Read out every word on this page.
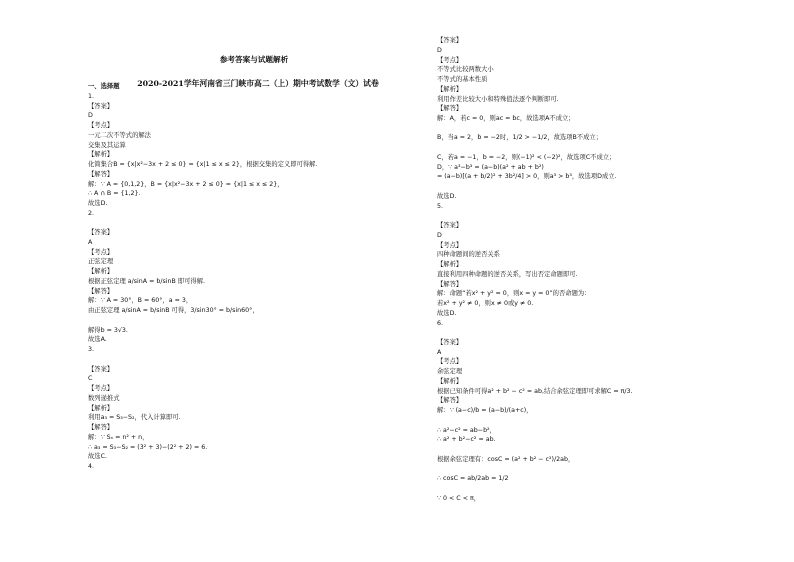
参考答案与试题解析
2020-2021学年河南省三门峡市高二（上）期中考试数学（文）试卷
一、选择题
1.
【答案】
D
【考点】
一元二次不等式的解法
交集及其运算
【解析】
化简集合B = {x|x²−3x + 2 ≤ 0} = {x|1 ≤ x ≤ 2}，根据交集的定义即可得解.
【解答】
解：∵ A = {0,1,2}，B = {x|x²−3x + 2 ≤ 0} = {x|1 ≤ x ≤ 2}，
∴ A ∩ B = {1,2}.
故选D.
2.
【答案】
A
【考点】
正弦定理
【解析】
根据正弦定理 a/sinA = b/sinB 即可得解.
【解答】
解：∵ A = 30°，B = 60°，a = 3，
由正弦定理 a/sinA = b/sinB 可得，3/sin30° = b/sin60°，
解得b = 3√3.
故选A.
3.
【答案】
C
【考点】
数列递推式
【解析】
利用a₃ = S₃−S₂，代入计算即可.
【解答】
解：∵ Sₙ = n² + n，
∴ a₃ = S₃−S₂ = (3² + 3)−(2² + 2) = 6.
故选C.
4.
【答案】
D
【考点】
不等式比较两数大小
不等式的基本性质
【解析】
利用作差比较大小和特殊值法逐个判断即可.
【解答】
解：A，若c = 0，则ac = bc，故选项A不成立；
B，当a = 2，b = −2时，1/2 > −1/2，故选项B不成立；
C，若a = −1，b = −2，则(−1)² < (−2)²，故选项C不成立；
D，∵ a³−b³ = (a−b)(a² + ab + b²)
= (a−b)[(a + b/2)² + 3b²/4] > 0，则a³ > b³，故选项D成立.
故选D.
5.
【答案】
D
【考点】
四种命题间的逆否关系
【解析】
直接利用四种命题的逆否关系，写出否定命题即可.
【解答】
解：命题“若x² + y² = 0，则x = y = 0”的否命题为：
若x² + y² ≠ 0，则x ≠ 0或y ≠ 0.
故选D.
6.
【答案】
A
【考点】
余弦定理
【解析】
根据已知条件可得a² + b² − c² = ab,结合余弦定理即可求解C = π/3.
【解答】
解：∵ (a−c)/b = (a−b)/(a+c)，
∴ a²−c² = ab−b²，
∴ a² + b²−c² = ab.
根据余弦定理有：cosC = (a² + b² − c²)/2ab，
∴ cosC = ab/2ab = 1/2
∵ 0 < C < π，
